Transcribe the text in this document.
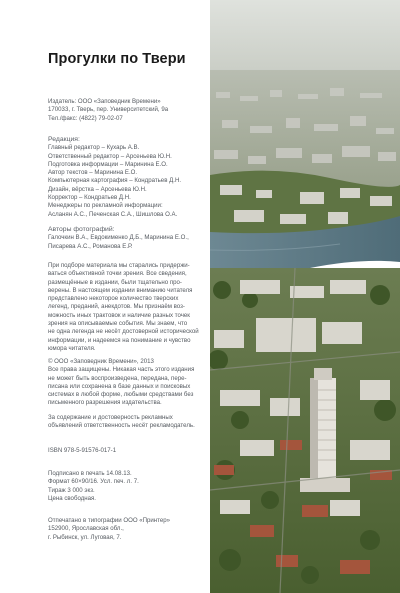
Прогулки по Твери
Издатель: ООО «Заповедник Времени»
170033, г. Тверь, пер. Университетский, 9а
Тел./факс: (4822) 79-02-07
Редакция:
Главный редактор – Кухарь А.В.
Ответственный редактор – Арсеньева Ю.Н.
Подготовка информации – Маринина Е.О.
Автор текстов – Маринина Е.О.
Компьютерная картография – Кондратьев Д.Н.
Дизайн, вёрстка – Арсеньева Ю.Н.
Корректор – Кондратьев Д.Н.
Менеджеры по рекламной информации:
Асланян А.С., Печенская С.А., Шишлова О.А.
Авторы фотографий:
Галочкин В.А., Евдокименко Д.Б., Маринина Е.О.,
Писарева А.С., Романова Е.Р.
При подборе материала мы старались придержи-
ваться объективной точки зрения. Все сведения,
размещённые в издании, были тщательно про-
верены. В настоящем издании вниманию читателя
представлено некоторое количество тверских
легенд, преданий, анекдотов. Мы признаём воз-
можность иных трактовок и наличие разных точек
зрения на описываемые события. Мы знаем, что
не одна легенда не несёт достоверной исторической
информации, и надеемся на понимание и чувство
юмора читателя.
© ООО «Заповедник Времени», 2013
Все права защищены. Никакая часть этого издания
не может быть воспроизведена, передана, пере-
писана или сохранена в базе данных и поисковых
системах в любой форме, любыми средствами без
письменного разрешения издательства.
За содержание и достоверность рекламных
объявлений ответственность несёт рекламодатель.
ISBN 978-5-91576-017-1
Подписано в печать 14.08.13.
Формат 60×90/16. Усл. печ. л. 7.
Тираж 3 000 экз.
Цена свободная.
Отпечатано в типографии ООО «Принтер»
152900, Ярославская обл.,
г. Рыбинск, ул. Луговая, 7.
